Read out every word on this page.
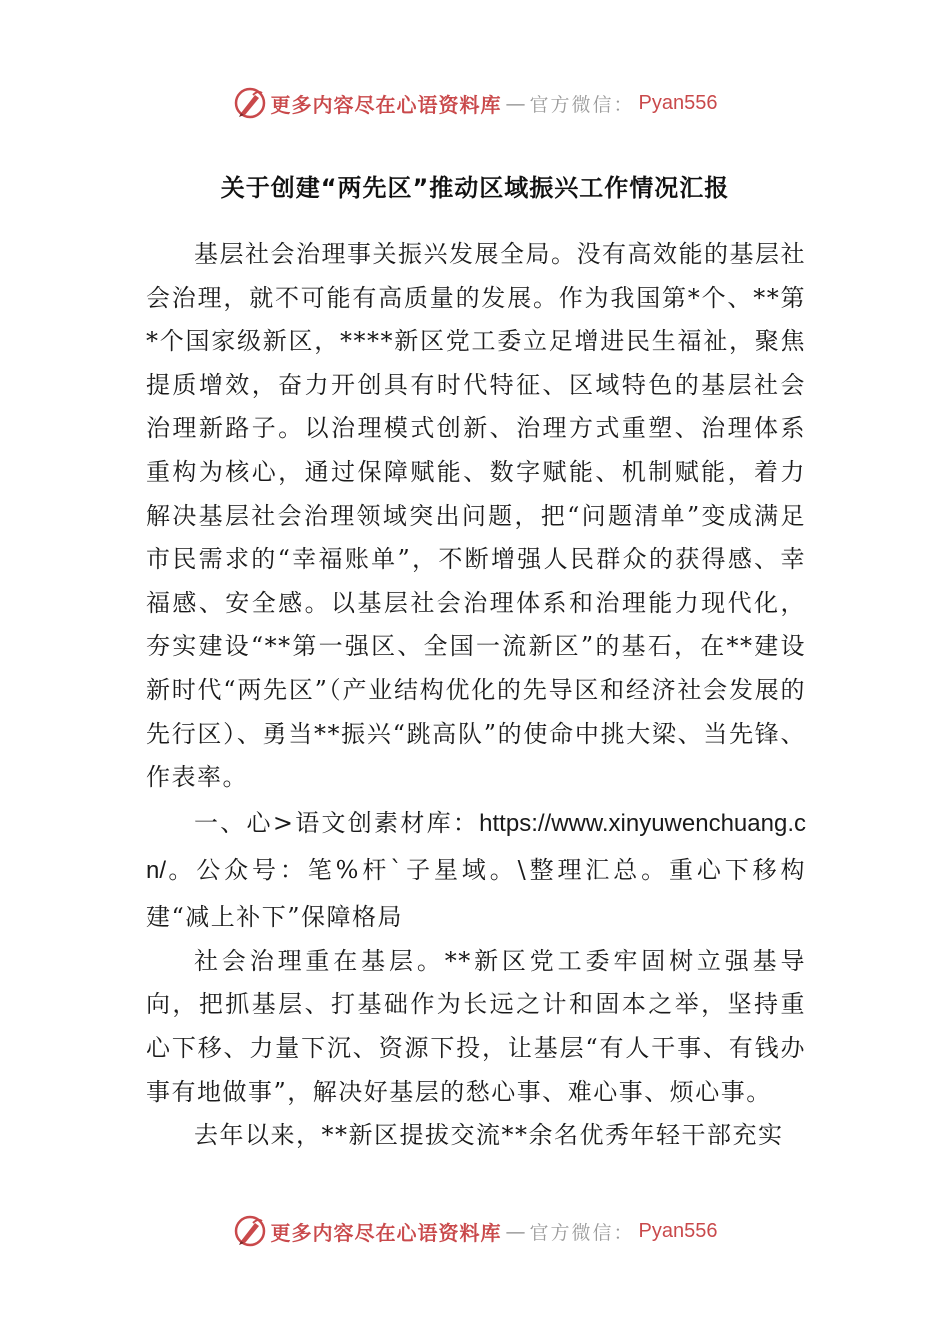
更多内容尽在心语资料库 — 官方微信： Pyan556
关于创建“两先区”推动区域振兴工作情况汇报

基层社会治理事关振兴发展全局。没有高效能的基层社会治理，就不可能有高质量的发展。作为我国第*个、**第*个国家级新区，****新区党工委立足增进民生福祉，聚焦提质增效，奋力开创具有时代特征、区域特色的基层社会治理新路子。以治理模式创新、治理方式重塑、治理体系重构为核心，通过保障赋能、数字赋能、机制赋能，着力解决基层社会治理领域突出问题，把“问题清单”变成满足市民需求的“幸福账单”，不断增强人民群众的获得感、幸福感、安全感。以基层社会治理体系和治理能力现代化，夯实建设“**第一强区、全国一流新区”的基石，在**建设新时代“两先区”（产业结构优化的先导区和经济社会发展的先行区）、勇当**振兴“跳高队”的使命中挑大梁、当先锋、作表率。

一、心>语文创素材库：https://www.xinyuwenchuang.cn/。公众号：笔%杆`子星域。\整理汇总。重心下移构建“减上补下”保障格局

社会治理重在基层。**新区党工委牢固树立强基导向，把抓基层、打基础作为长远之计和固本之举，坚持重心下移、力量下沉、资源下投，让基层“有人干事、有钱办事有地做事”，解决好基层的愁心事、难心事、烦心事。

去年以来，**新区提拔交流**余名优秀年轻干部充实

更多内容尽在心语资料库 — 官方微信： Pyan556
